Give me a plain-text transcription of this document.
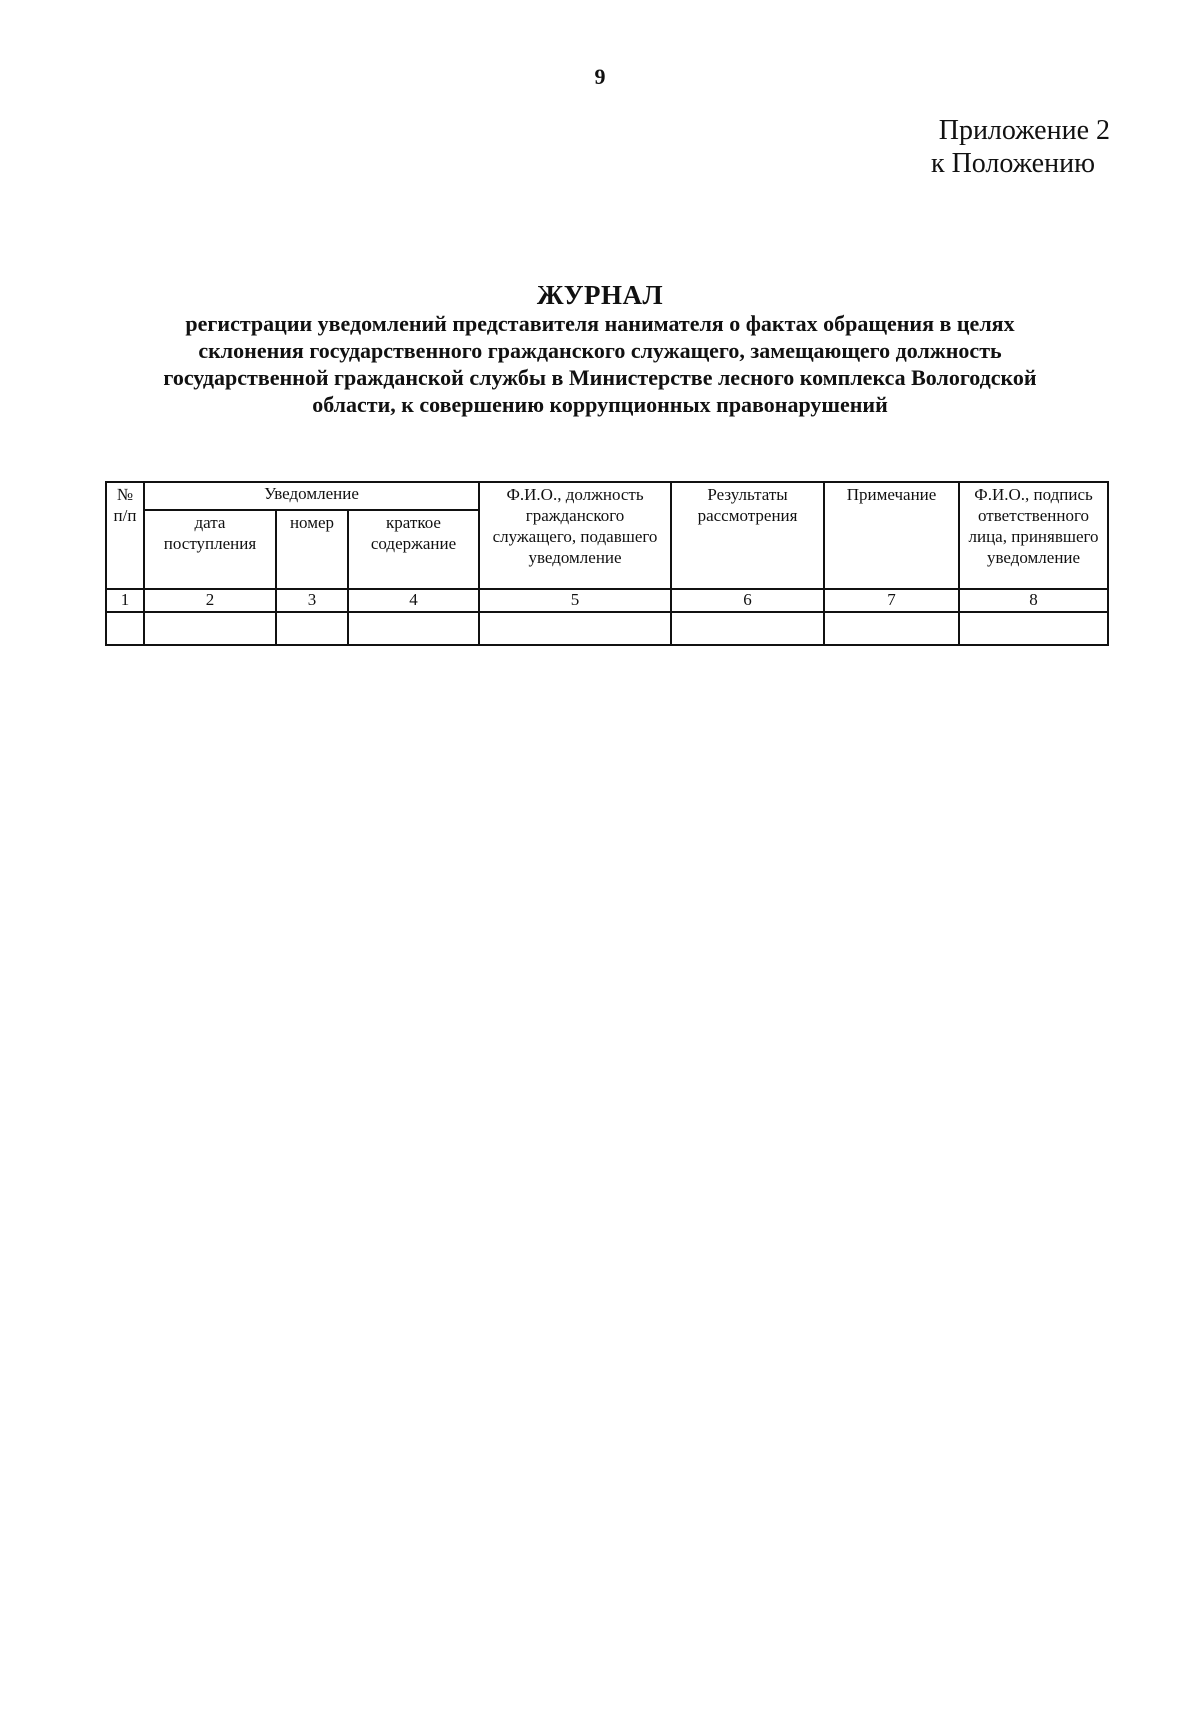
9
Приложение 2
к Положению
ЖУРНАЛ
регистрации уведомлений представителя нанимателя о фактах обращения в целях
склонения государственного гражданского служащего, замещающего должность
государственной гражданской службы в Министерстве лесного комплекса Вологодской
области, к совершению коррупционных правонарушений
№ п/п	Уведомление			Ф.И.О., должность гражданского служащего, подавшего уведомление	Результаты рассмотрения	Примечание	Ф.И.О., подпись ответственного лица, принявшего уведомление
	дата поступления	номер	краткое содержание				
1	2	3	4	5	6	7	8
